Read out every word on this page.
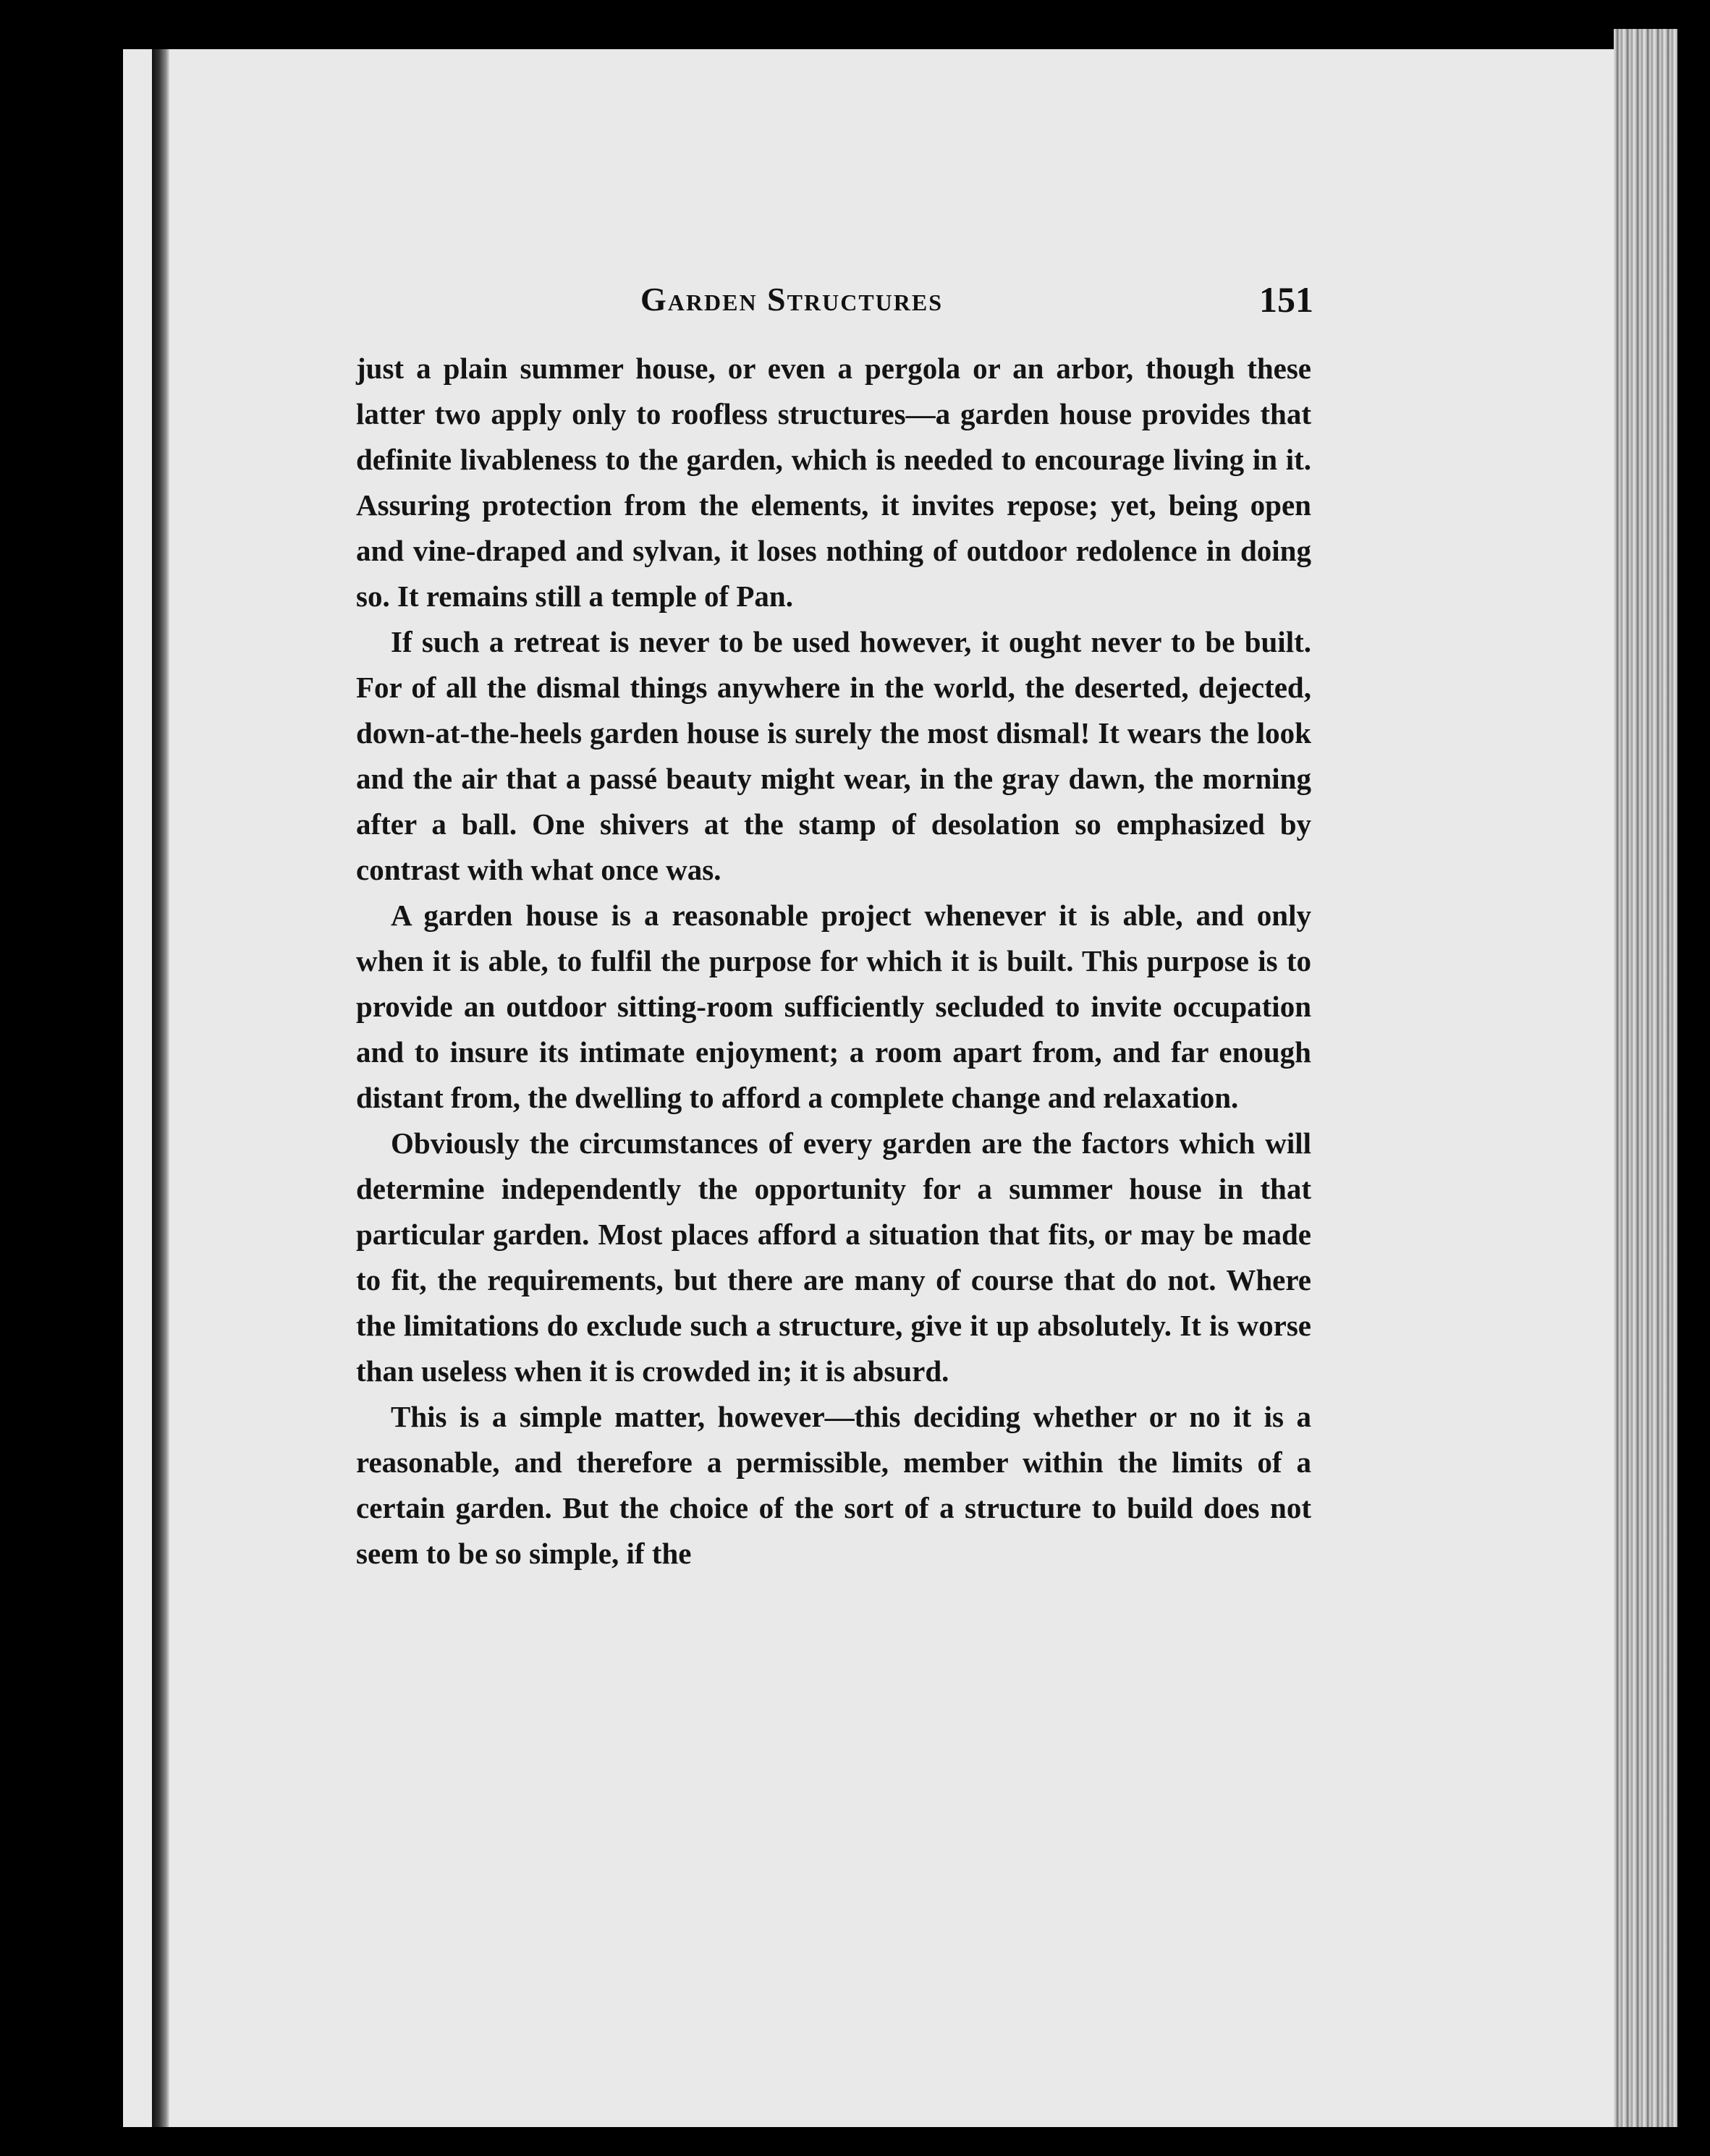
Garden Structures	151

just a plain summer house, or even a pergola or an arbor, though these latter two apply only to roofless structures—a garden house provides that definite livableness to the garden, which is needed to encourage living in it. Assuring protection from the elements, it invites repose; yet, being open and vine-draped and sylvan, it loses nothing of outdoor redolence in doing so. It remains still a temple of Pan.

If such a retreat is never to be used however, it ought never to be built. For of all the dismal things anywhere in the world, the deserted, dejected, down-at-the-heels garden house is surely the most dismal! It wears the look and the air that a passé beauty might wear, in the gray dawn, the morning after a ball. One shivers at the stamp of desolation so emphasized by contrast with what once was.

A garden house is a reasonable project whenever it is able, and only when it is able, to fulfil the purpose for which it is built. This purpose is to provide an outdoor sitting-room sufficiently secluded to invite occupation and to insure its intimate enjoyment; a room apart from, and far enough distant from, the dwelling to afford a complete change and relaxation.

Obviously the circumstances of every garden are the factors which will determine independently the opportunity for a summer house in that particular garden. Most places afford a situation that fits, or may be made to fit, the requirements, but there are many of course that do not. Where the limitations do exclude such a structure, give it up absolutely. It is worse than useless when it is crowded in; it is absurd.

This is a simple matter, however—this deciding whether or no it is a reasonable, and therefore a permissible, member within the limits of a certain garden. But the choice of the sort of a structure to build does not seem to be so simple, if the
